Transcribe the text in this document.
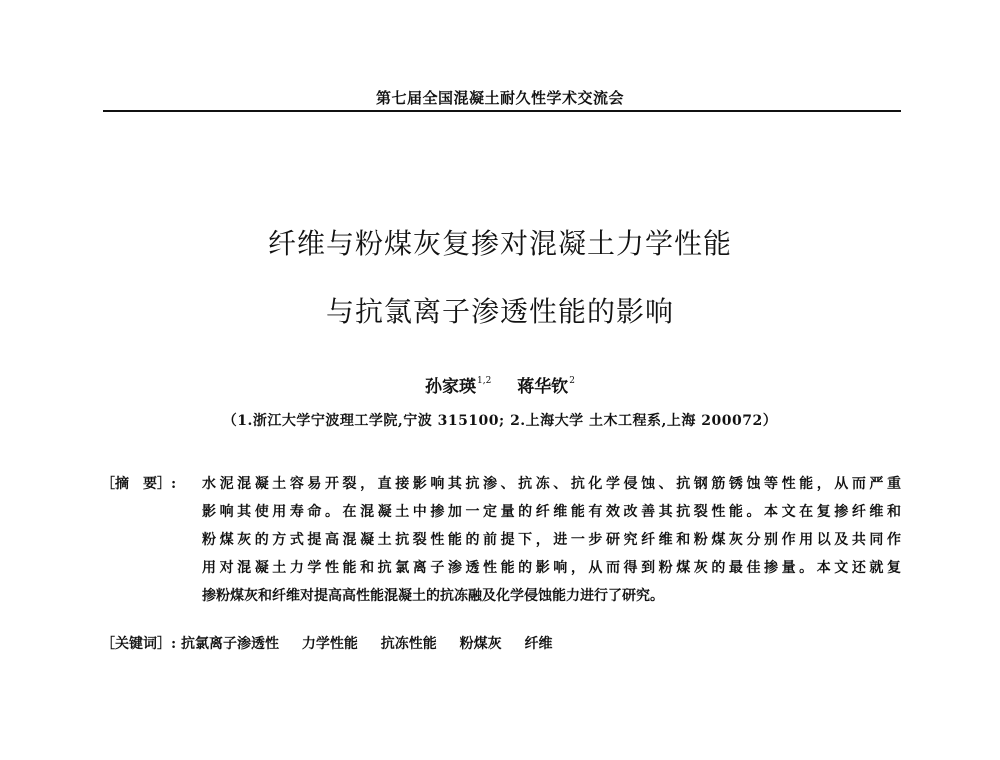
第七届全国混凝土耐久性学术交流会
纤维与粉煤灰复掺对混凝土力学性能
与抗氯离子渗透性能的影响
孙家瑛$^{1,2}$ 蒋华钦$^2$
（1.浙江大学宁波理工学院,宁波 315100; 2.上海大学 土木工程系,上海 200072）
［摘　要］: 水泥混凝土容易开裂，直接影响其抗渗、抗冻、抗化学侵蚀、抗钢筋锈蚀等性能，从而严重
影响其使用寿命。在混凝土中掺加一定量的纤维能有效改善其抗裂性能。本文在复掺纤维和
粉煤灰的方式提高混凝土抗裂性能的前提下，进一步研究纤维和粉煤灰分别作用以及共同作
用对混凝土力学性能和抗氯离子渗透性能的影响，从而得到粉煤灰的最佳掺量。本文还就复
掺粉煤灰和纤维对提高高性能混凝土的抗冻融及化学侵蚀能力进行了研究。
［关键词］: 抗氯离子渗透性 力学性能 抗冻性能 粉煤灰 纤维
